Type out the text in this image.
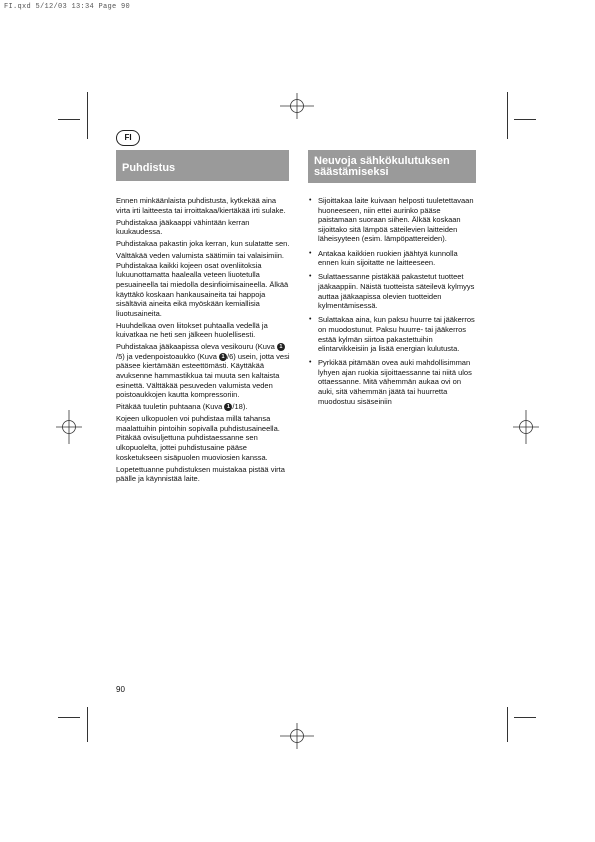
FI.qxd 5/12/03 13:34 Page 90
FI
Puhdistus
Neuvoja sähkökulutuksen
säästämiseksi

Ennen minkäänlaista puhdistusta, kytkekää aina virta irti laitteesta tai irroittakaa/kiertäkää irti sulake.

Puhdistakaa jääkaappi vähintään kerran kuukaudessa.

Puhdistakaa pakastin joka kerran, kun sulatatte sen.

Välttäkää veden valumista säätimiin tai valaisimiin. Puhdistakaa kaikki kojeen osat ovenliitoksia lukuunottamatta haalealla veteen liuotetulla pesuaineella tai miedolla desinfioimisaineella. Älkää käyttäkö koskaan hankausaineita tai happoja sisältäviä aineita eikä myöskään kemiallisia liuotusaineita.

Huuhdelkaa oven liitokset puhtaalla vedellä ja kuivatkaa ne heti sen jälkeen huolellisesti.

Puhdistakaa jääkaapissa oleva vesikouru (Kuva 1/5) ja vedenpoistoaukko (Kuva 1 /6) usein, jotta vesi pääsee kiertämään esteettömästi. Käyttäkää avuksenne hammastikkua tai muuta sen kaltaista esinettä. Välttäkää pesuveden valumista veden poistoaukkojen kautta kompressoriin.

Pitäkää tuuletin puhtaana (Kuva 1 /18).

Kojeen ulkopuolen voi puhdistaa millä tahansa maalattuihin pintoihin sopivalla puhdistusaineella. Pitäkää ovisuljettuna puhdistaessanne sen ulkopuolelta, jottei puhdistusaine pääse kosketukseen sisäpuolen muoviosien kanssa.

Lopetettuanne puhdistuksen muistakaa pistää virta päälle ja käynnistää laite.

• Sijoittakaa laite kuivaan helposti tuuletettavaan huoneeseen, niin ettei aurinko pääse paistamaan suoraan siihen. Älkää koskaan sijoittako sitä lämpöä säteilevien laitteiden läheisyyteen (esim. lämpöpattereiden).
• Antakaa kaikkien ruokien jäähtyä kunnolla ennen kuin sijoitatte ne laitteeseen.
• Sulattaessanne pistäkää pakastetut tuotteet jääkaappiin. Näistä tuotteista säteilevä kylmyys auttaa jääkaapissa olevien tuotteiden kylmentämisessä.
• Sulattakaa aina, kun paksu huurre tai jääkerros on muodostunut. Paksu huurre- tai jääkerros estää kylmän siirtoa pakastettuihin elintarvikkeisiin ja lisää energian kulutusta.
• Pyrkikää pitämään ovea auki mahdollisimman lyhyen ajan ruokia sijoittaessanne tai niitä ulos ottaessanne. Mitä vähemmän aukaa ovi on auki, sitä vähemmän jäätä tai huurretta muodostuu sisäseiniin
90
